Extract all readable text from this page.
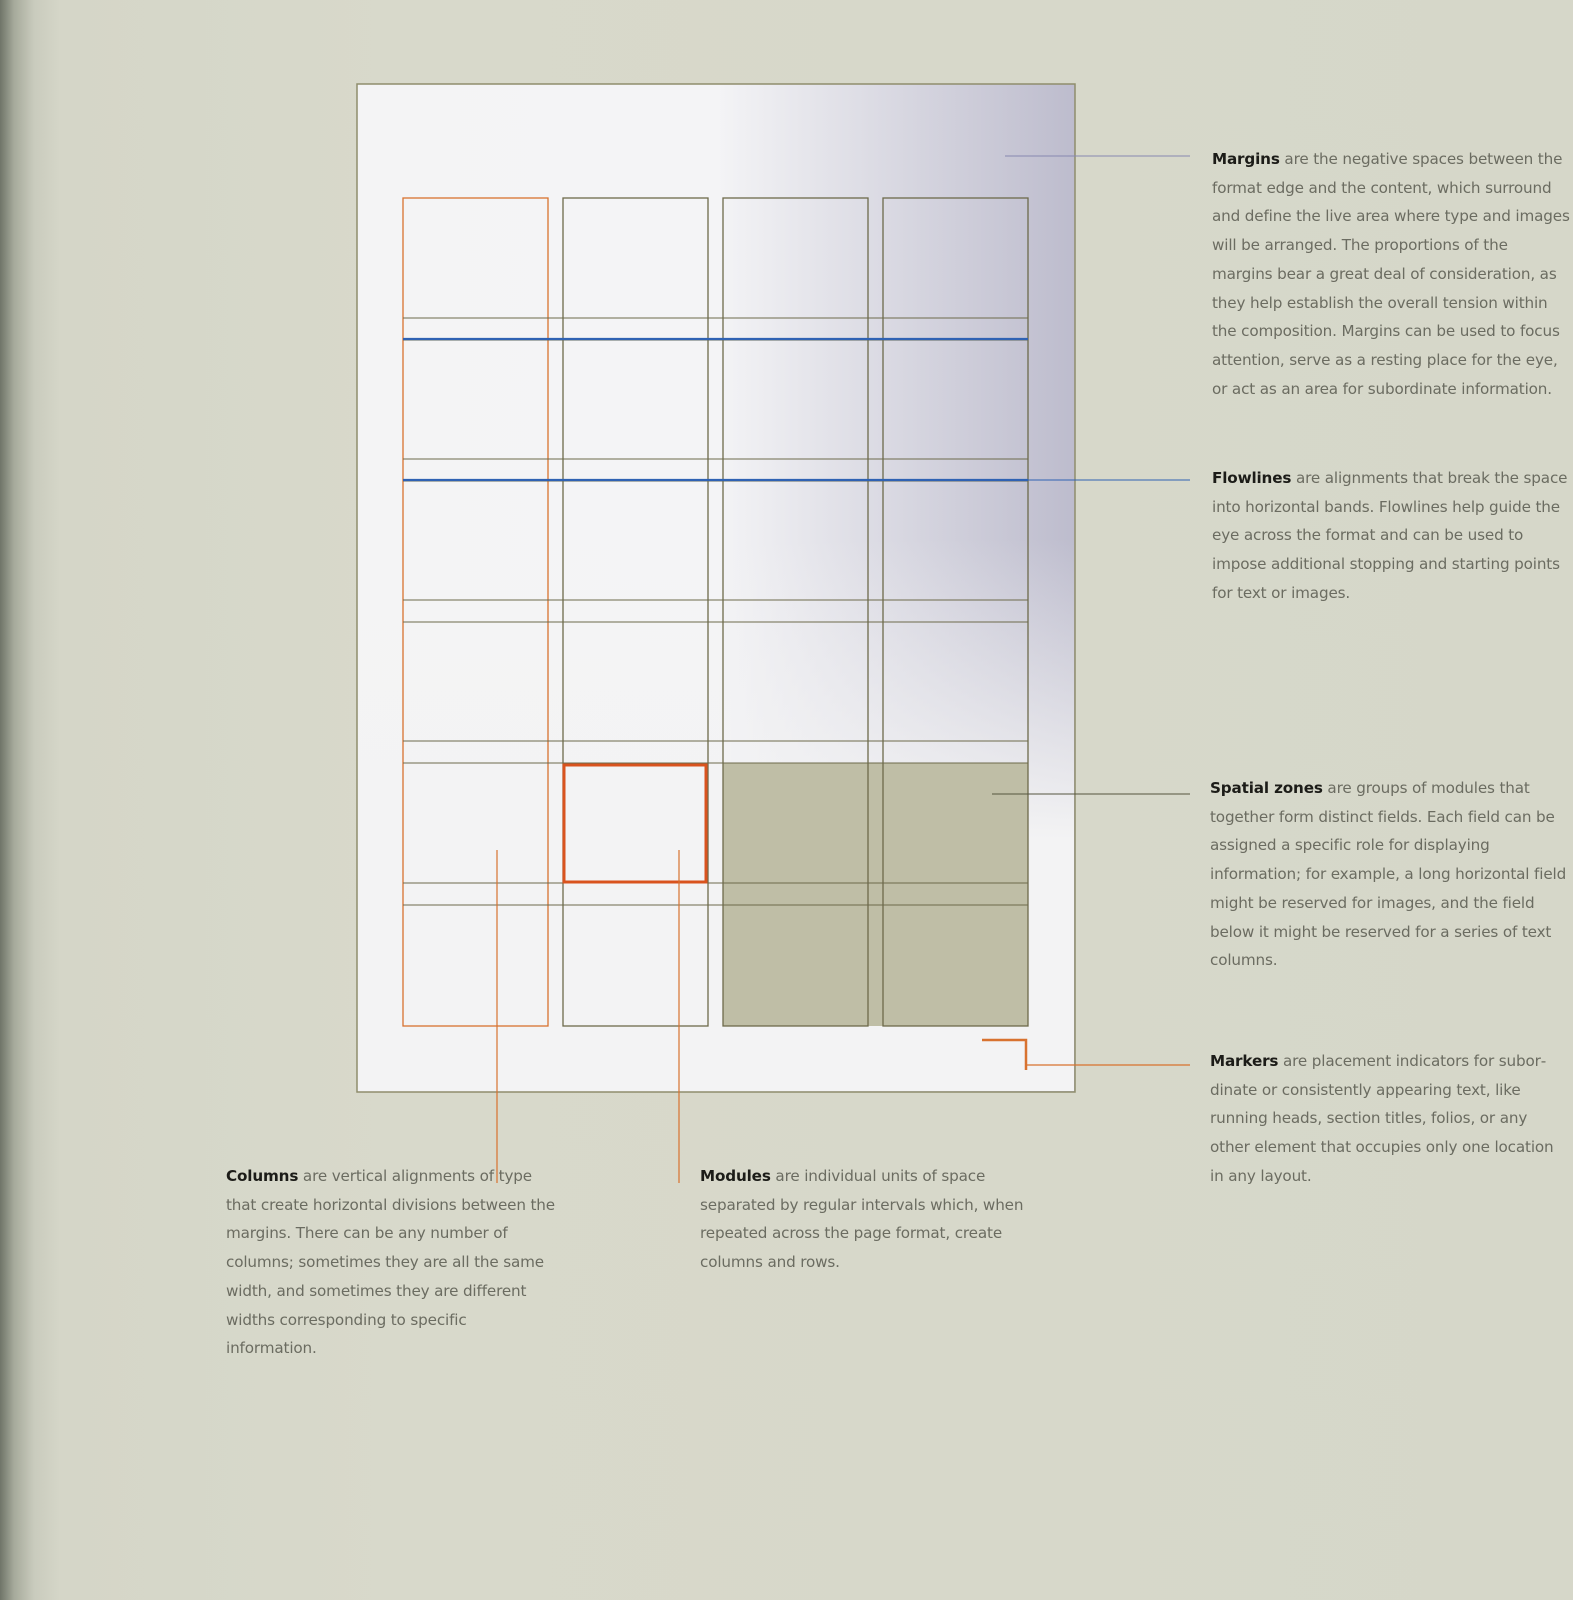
Margins are the negative spaces between the format edge and the content, which surround and define the live area where type and images will be arranged. The proportions of the margins bear a great deal of consideration, as they help establish the overall tension within the composition. Margins can be used to focus attention, serve as a resting place for the eye, or act as an area for subordinate information.

Flowlines are alignments that break the space into horizontal bands. Flowlines help guide the eye across the format and can be used to impose additional stopping and starting points for text or images.

Spatial zones are groups of modules that together form distinct fields. Each field can be assigned a specific role for displaying information; for example, a long horizontal field might be reserved for images, and the field below it might be reserved for a series of text columns.

Markers are placement indicators for subordinate or consistently appearing text, like running heads, section titles, folios, or any other element that occupies only one location in any layout.

Columns are vertical alignments of type that create horizontal divisions between the margins. There can be any number of columns; sometimes they are all the same width, and sometimes they are different widths corresponding to specific information.

Modules are individual units of space separated by regular intervals which, when repeated across the page format, create columns and rows.
